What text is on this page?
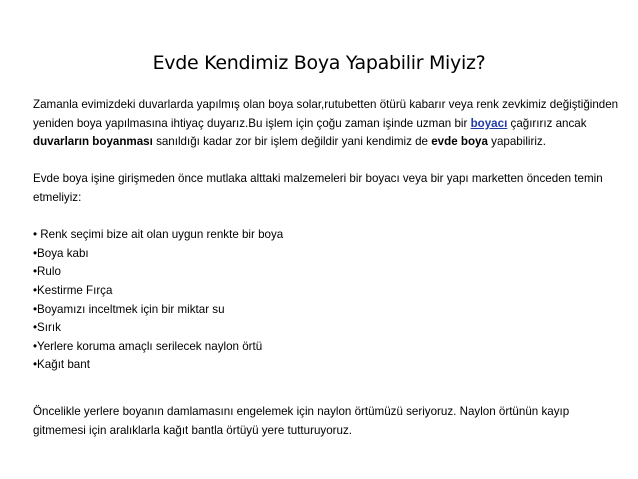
Evde Kendimiz Boya Yapabilir Miyiz?

Zamanla evimizdeki duvarlarda yapılmış olan boya solar,rutubetten ötürü kabarır veya renk zevkimiz değiştiğinden yeniden boya yapılmasına ihtiyaç duyarız.Bu işlem için çoğu zaman işinde uzman bir boyacı çağırırız ancak duvarların boyanması sanıldığı kadar zor bir işlem değildir yani kendimiz de evde boya yapabiliriz.

Evde boya işine girişmeden önce mutlaka alttaki malzemeleri bir boyacı veya bir yapı marketten önceden temin etmeliyiz:

• Renk seçimi bize ait olan uygun renkte bir boya

•Boya kabı

•Rulo

•Kestirme Fırça

•Boyamızı inceltmek için bir miktar su

•Sırık

•Yerlere koruma amaçlı serilecek naylon örtü

•Kağıt bant

Öncelikle yerlere boyanın damlamasını engelemek için naylon örtümüzü seriyoruz. Naylon örtünün kayıp gitmemesi için aralıklarla kağıt bantla örtüyü yere tutturuyoruz.
